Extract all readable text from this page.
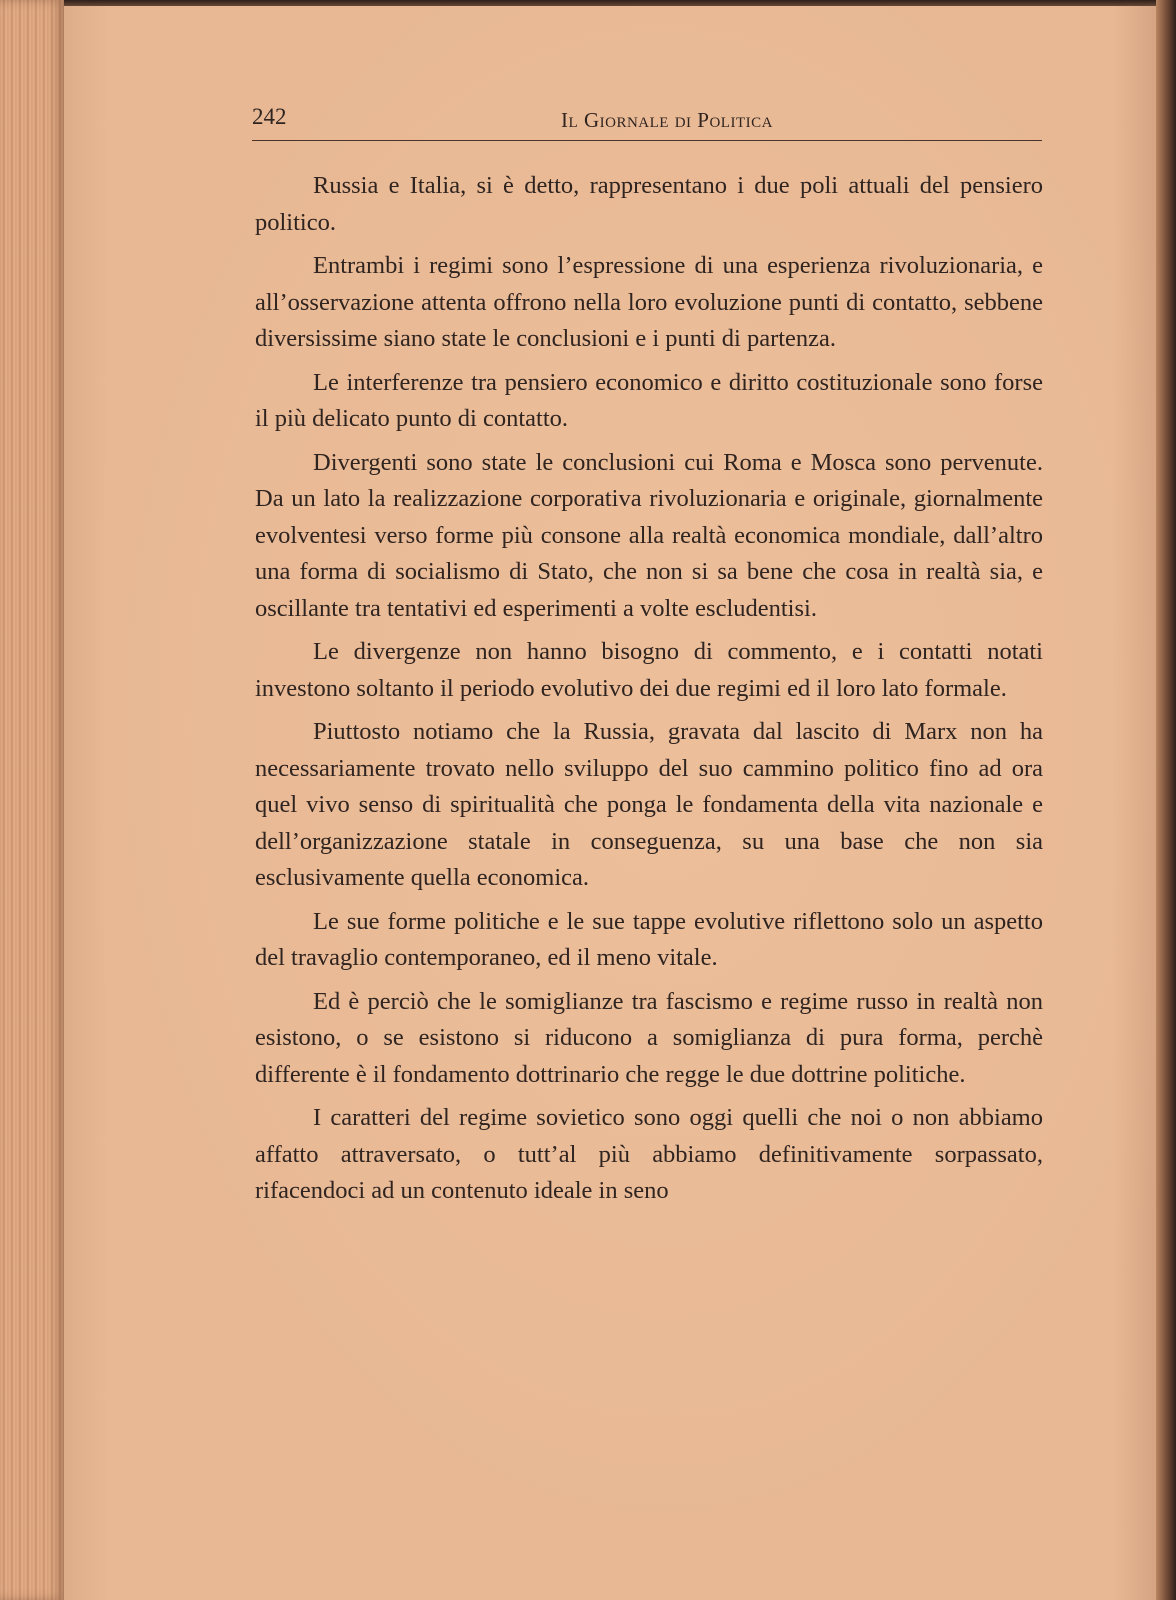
242	Il Giornale di Politica

Russia e Italia, si è detto, rappresentano i due poli attuali del pensiero politico.

Entrambi i regimi sono l’espressione di una esperienza rivoluzionaria, e all’osservazione attenta offrono nella loro evoluzione punti di contatto, sebbene diversissime siano state le conclusioni e i punti di partenza.

Le interferenze tra pensiero economico e diritto costituzionale sono forse il più delicato punto di contatto.

Divergenti sono state le conclusioni cui Roma e Mosca sono pervenute. Da un lato la realizzazione corporativa rivoluzionaria e originale, giornalmente evolventesi verso forme più consone alla realtà economica mondiale, dall’altro una forma di socialismo di Stato, che non si sa bene che cosa in realtà sia, e oscillante tra tentativi ed esperimenti a volte escludentisi.

Le divergenze non hanno bisogno di commento, e i contatti notati investono soltanto il periodo evolutivo dei due regimi ed il loro lato formale.

Piuttosto notiamo che la Russia, gravata dal lascito di Marx non ha necessariamente trovato nello sviluppo del suo cammino politico fino ad ora quel vivo senso di spiritualità che ponga le fondamenta della vita nazionale e dell’organizzazione statale in conseguenza, su una base che non sia esclusivamente quella economica.

Le sue forme politiche e le sue tappe evolutive riflettono solo un aspetto del travaglio contemporaneo, ed il meno vitale.

Ed è perciò che le somiglianze tra fascismo e regime russo in realtà non esistono, o se esistono si riducono a somiglianza di pura forma, perchè differente è il fondamento dottrinario che regge le due dottrine politiche.

I caratteri del regime sovietico sono oggi quelli che noi o non abbiamo affatto attraversato, o tutt’al più abbiamo definitivamente sorpassato, rifacendoci ad un contenuto ideale in seno
